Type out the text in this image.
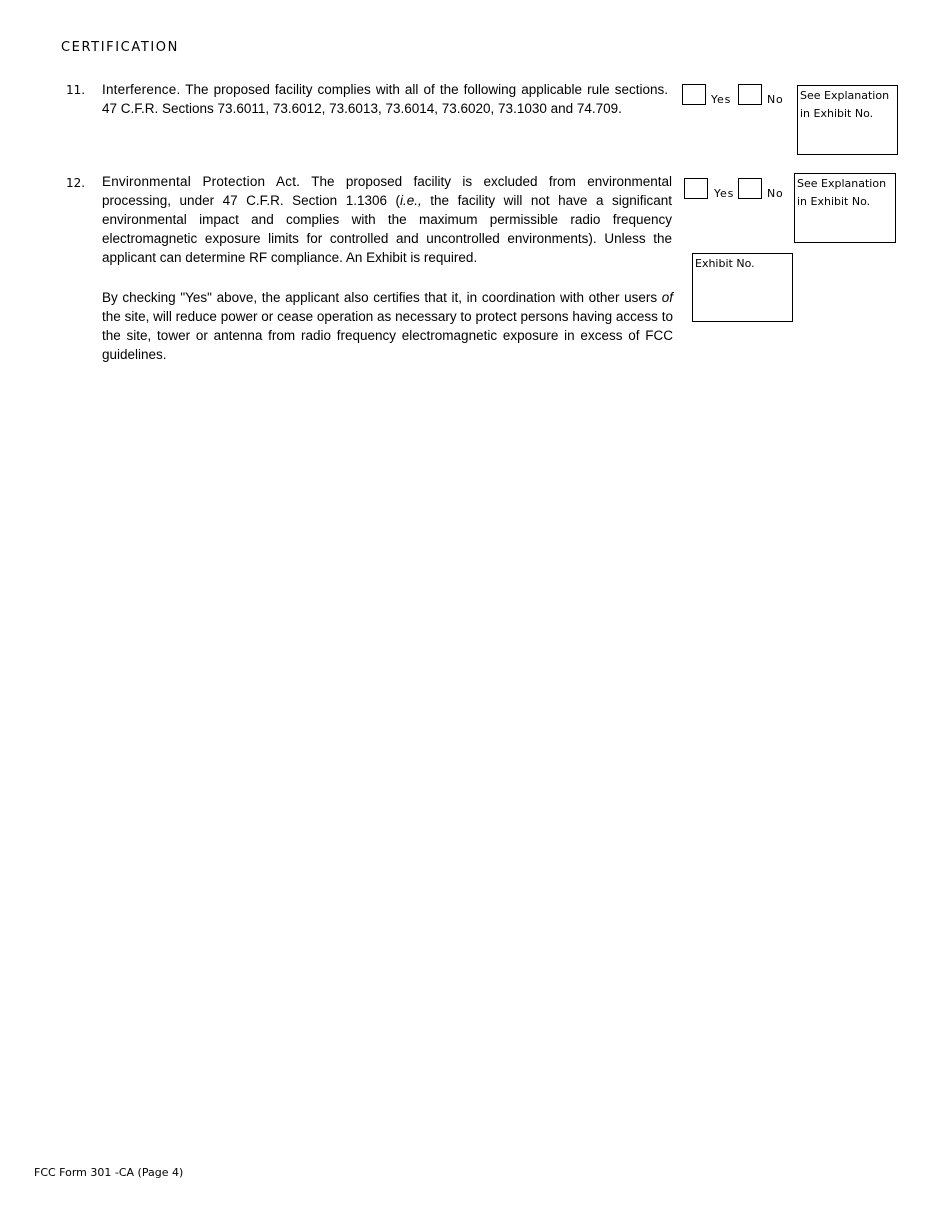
CERTIFICATION
11. Interference. The proposed facility complies with all of the following applicable rule sections. 47 C.F.R. Sections 73.6011, 73.6012, 73.6013, 73.6014, 73.6020, 73.1030 and 74.709.

Yes	No See Explanation
in Exhibit No.
12. Environmental Protection Act. The proposed facility is excluded from environmental processing, under 47 C.F.R. Section 1.1306 (i.e., the facility will not have a significant environmental impact and complies with the maximum permissible radio frequency electromagnetic exposure limits for controlled and uncontrolled environments). Unless the applicant can determine RF compliance. An Exhibit is required.

By checking "Yes" above, the applicant also certifies that it, in coordination with other users of the site, will reduce power or cease operation as necessary to protect persons having access to the site, tower or antenna from radio frequency electromagnetic exposure in excess of FCC guidelines.

Yes	No
See Explanation
in Exhibit No.
Exhibit No.
FCC Form 301 -CA (Page 4)
